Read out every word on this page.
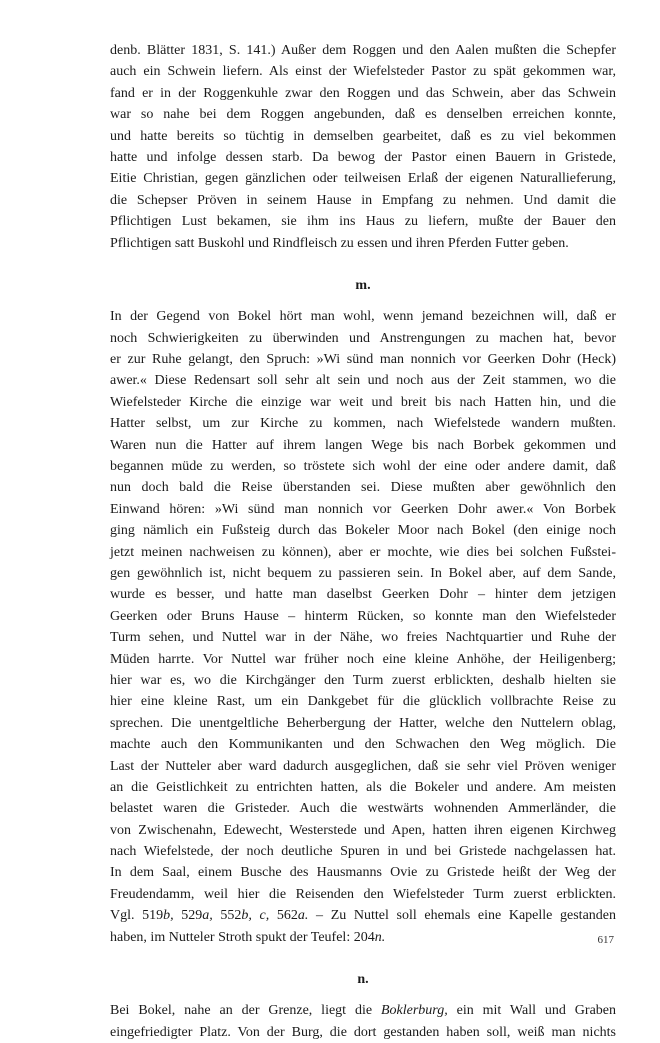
denb. Blätter 1831, S. 141.) Außer dem Roggen und den Aalen mußten die Schepfer
auch ein Schwein liefern. Als einst der Wiefelsteder Pastor zu spät gekommen war,
fand er in der Roggenkuhle zwar den Roggen und das Schwein, aber das Schwein
war so nahe bei dem Roggen angebunden, daß es denselben erreichen konnte,
und hatte bereits so tüchtig in demselben gearbeitet, daß es zu viel bekommen
hatte und infolge dessen starb. Da bewog der Pastor einen Bauern in Gristede,
Eitie Christian, gegen gänzlichen oder teilweisen Erlaß der eigenen Naturallieferung,
die Schepser Pröven in seinem Hause in Empfang zu nehmen. Und damit die
Pflichtigen Lust bekamen, sie ihm ins Haus zu liefern, mußte der Bauer den
Pflichtigen satt Buskohl und Rindfleisch zu essen und ihren Pferden Futter geben.

m.

In der Gegend von Bokel hört man wohl, wenn jemand bezeichnen will, daß er
noch Schwierigkeiten zu überwinden und Anstrengungen zu machen hat, bevor
er zur Ruhe gelangt, den Spruch: »Wi sünd man nonnich vor Geerken Dohr (Heck)
awer.« Diese Redensart soll sehr alt sein und noch aus der Zeit stammen, wo die
Wiefelsteder Kirche die einzige war weit und breit bis nach Hatten hin, und die
Hatter selbst, um zur Kirche zu kommen, nach Wiefelstede wandern mußten.
Waren nun die Hatter auf ihrem langen Wege bis nach Borbek gekommen und
begannen müde zu werden, so tröstete sich wohl der eine oder andere damit, daß
nun doch bald die Reise überstanden sei. Diese mußten aber gewöhnlich den
Einwand hören: »Wi sünd man nonnich vor Geerken Dohr awer.« Von Borbek
ging nämlich ein Fußsteig durch das Bokeler Moor nach Bokel (den einige noch
jetzt meinen nachweisen zu können), aber er mochte, wie dies bei solchen Fußstei-
gen gewöhnlich ist, nicht bequem zu passieren sein. In Bokel aber, auf dem Sande,
wurde es besser, und hatte man daselbst Geerken Dohr – hinter dem jetzigen
Geerken oder Bruns Hause – hinterm Rücken, so konnte man den Wiefelsteder
Turm sehen, und Nuttel war in der Nähe, wo freies Nachtquartier und Ruhe der
Müden harrte. Vor Nuttel war früher noch eine kleine Anhöhe, der Heiligenberg;
hier war es, wo die Kirchgänger den Turm zuerst erblickten, deshalb hielten sie
hier eine kleine Rast, um ein Dankgebet für die glücklich vollbrachte Reise zu
sprechen. Die unentgeltliche Beherbergung der Hatter, welche den Nuttelern oblag,
machte auch den Kommunikanten und den Schwachen den Weg möglich. Die
Last der Nutteler aber ward dadurch ausgeglichen, daß sie sehr viel Pröven weniger
an die Geistlichkeit zu entrichten hatten, als die Bokeler und andere. Am meisten
belastet waren die Gristeder. Auch die westwärts wohnenden Ammerländer, die
von Zwischenahn, Edewecht, Westerstede und Apen, hatten ihren eigenen Kirchweg
nach Wiefelstede, der noch deutliche Spuren in und bei Gristede nachgelassen hat.
In dem Saal, einem Busche des Hausmanns Ovie zu Gristede heißt der Weg der
Freudendamm, weil hier die Reisenden den Wiefelsteder Turm zuerst erblickten.
Vgl. 519b, 529a, 552b, c, 562a. – Zu Nuttel soll ehemals eine Kapelle gestanden
haben, im Nutteler Stroth spukt der Teufel: 204n.

n.

Bei Bokel, nahe an der Grenze, liegt die Boklerburg, ein mit Wall und Graben
eingefriedigter Platz. Von der Burg, die dort gestanden haben soll, weiß man nichts
617
